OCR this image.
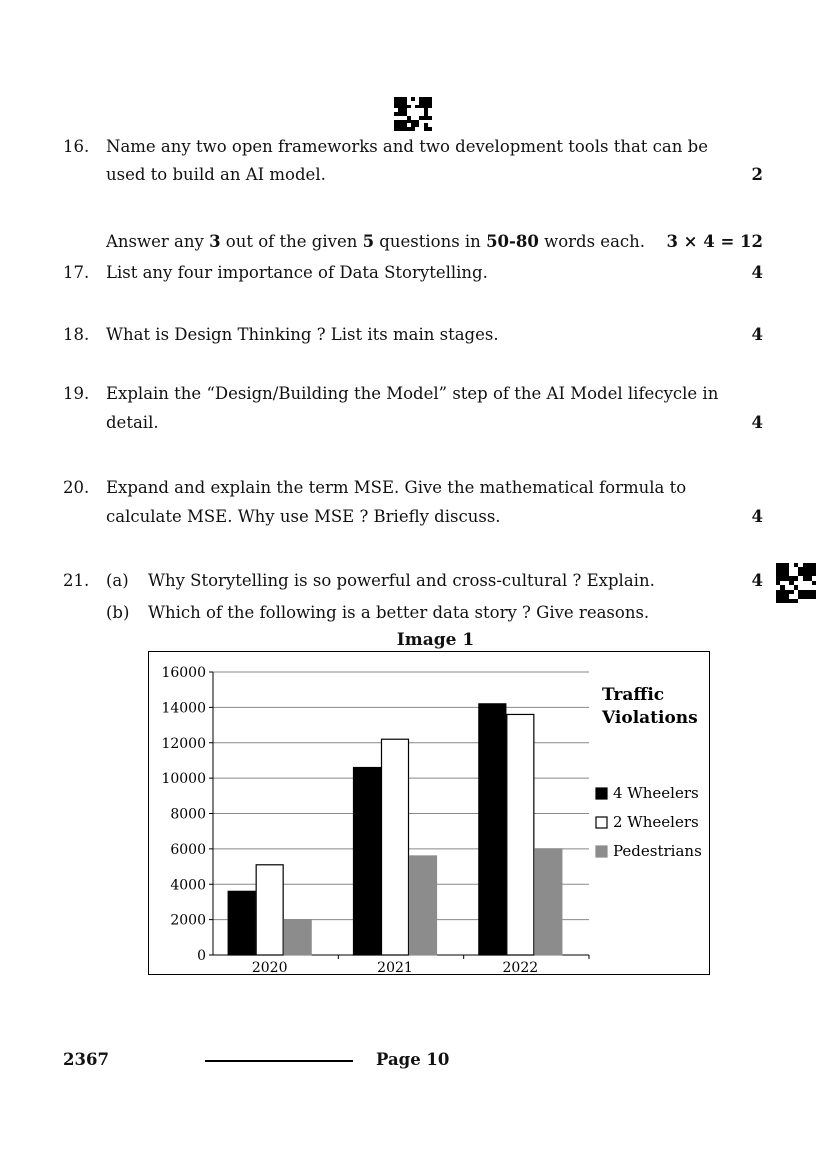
16. Name any two open frameworks and two development tools that can be
used to build an AI model.	2
Answer any 3 out of the given 5 questions in 50-80 words each. 3 × 4 = 12
17. List any four importance of Data Storytelling.	4
18. What is Design Thinking ? List its main stages.	4
19. Explain the “Design/Building the Model” step of the AI Model lifecycle in
detail.	4
20. Expand and explain the term MSE. Give the mathematical formula to
calculate MSE. Why use MSE ? Briefly discuss.	4
21. (a) Why Storytelling is so powerful and cross-cultural ? Explain.	4
(b) Which of the following is a better data story ? Give reasons.
Image 1
0
2000
4000
6000
8000
10000
12000
14000
16000
2020	2021	2022
Traffic
Violations
4 Wheelers
2 Wheelers
Pedestrians
2367	Page 10
